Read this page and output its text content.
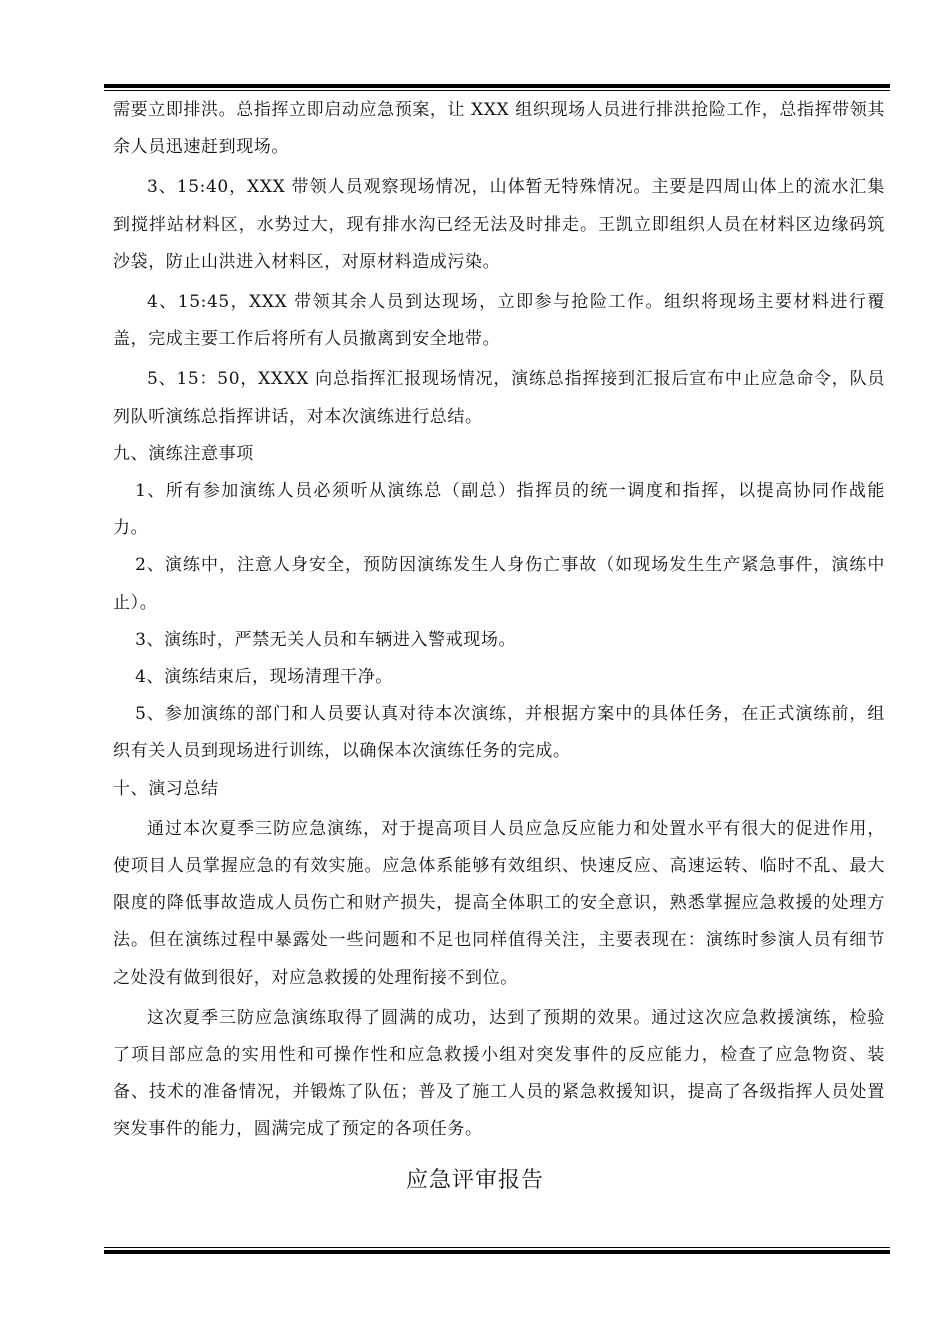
需要立即排洪。总指挥立即启动应急预案，让 XXX 组织现场人员进行排洪抢险工作，总指挥带领其余人员迅速赶到现场。

3、15:40，XXX 带领人员观察现场情况，山体暂无特殊情况。主要是四周山体上的流水汇集到搅拌站材料区，水势过大，现有排水沟已经无法及时排走。王凯立即组织人员在材料区边缘码筑沙袋，防止山洪进入材料区，对原材料造成污染。

4、15:45，XXX 带领其余人员到达现场，立即参与抢险工作。组织将现场主要材料进行覆盖，完成主要工作后将所有人员撤离到安全地带。

5、15：50，XXXX 向总指挥汇报现场情况，演练总指挥接到汇报后宣布中止应急命令，队员列队听演练总指挥讲话，对本次演练进行总结。

九、演练注意事项

1、所有参加演练人员必须听从演练总（副总）指挥员的统一调度和指挥，以提高协同作战能力。

2、演练中，注意人身安全，预防因演练发生人身伤亡事故（如现场发生生产紧急事件，演练中止）。

3、演练时，严禁无关人员和车辆进入警戒现场。

4、演练结束后，现场清理干净。

5、参加演练的部门和人员要认真对待本次演练，并根据方案中的具体任务，在正式演练前，组织有关人员到现场进行训练，以确保本次演练任务的完成。

十、演习总结

通过本次夏季三防应急演练，对于提高项目人员应急反应能力和处置水平有很大的促进作用，使项目人员掌握应急的有效实施。应急体系能够有效组织、快速反应、高速运转、临时不乱、最大限度的降低事故造成人员伤亡和财产损失，提高全体职工的安全意识，熟悉掌握应急救援的处理方法。但在演练过程中暴露处一些问题和不足也同样值得关注，主要表现在：演练时参演人员有细节之处没有做到很好，对应急救援的处理衔接不到位。

这次夏季三防应急演练取得了圆满的成功，达到了预期的效果。通过这次应急救援演练，检验了项目部应急的实用性和可操作性和应急救援小组对突发事件的反应能力，检查了应急物资、装备、技术的准备情况，并锻炼了队伍；普及了施工人员的紧急救援知识，提高了各级指挥人员处置突发事件的能力，圆满完成了预定的各项任务。

应急评审报告
